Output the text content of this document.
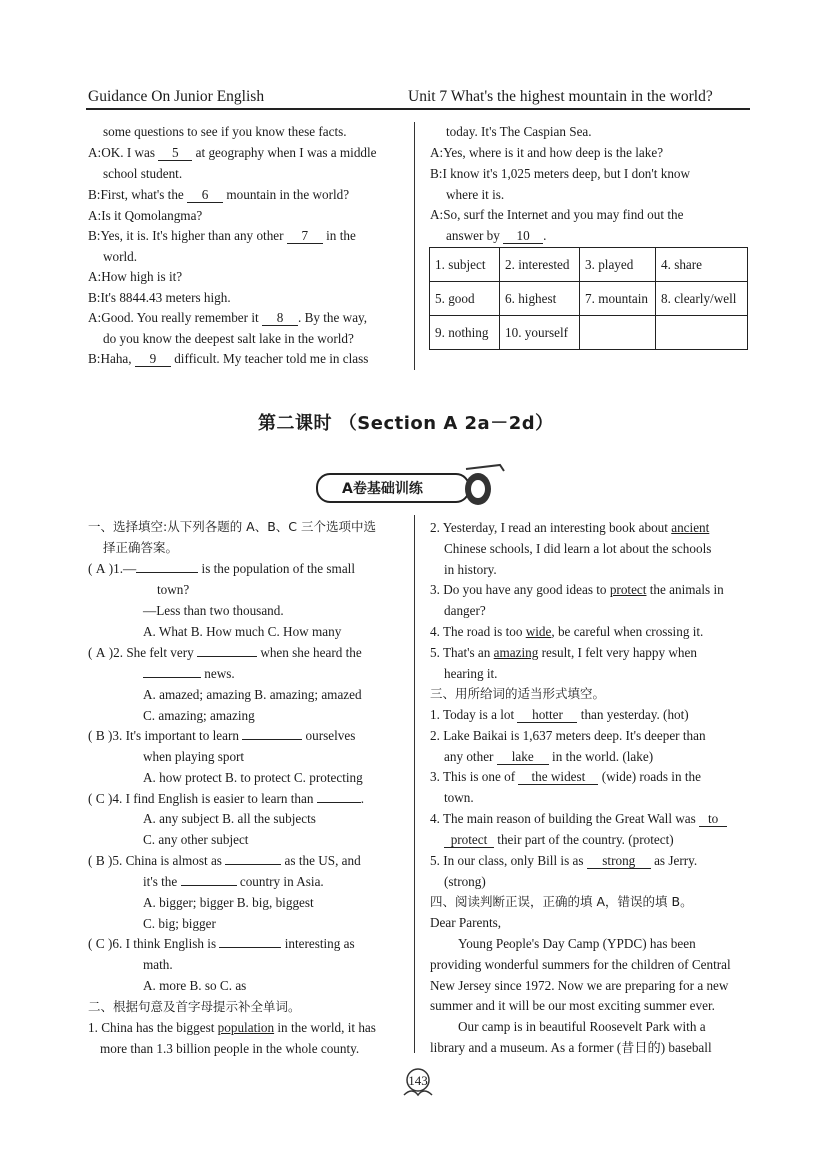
Guidance On Junior English	Unit 7 What's the highest mountain in the world?
some questions to see if you know these facts.
A:OK. I was 5 at geography when I was a middle
school student.
B:First, what's the 6 mountain in the world?
A:Is it Qomolangma?
B:Yes, it is. It's higher than any other 7 in the
world.
A:How high is it?
B:It's 8844.43 meters high.
A:Good. You really remember it 8 . By the way,
do you know the deepest salt lake in the world?
B:Haha, 9 difficult. My teacher told me in class
today. It's The Caspian Sea.
A:Yes, where is it and how deep is the lake?
B:I know it's 1,025 meters deep, but I don't know
where it is.
A:So, surf the Internet and you may find out the
answer by 10 .
1. subject	2. interested	3. played	4. share
5. good	6. highest	7. mountain	8. clearly/well
9. nothing	10. yourself		
第二课时 （Section A 2a－2d）
A卷基础训练
一、选择填空:从下列各题的 A、B、C 三个选项中选
择正确答案。
( A )1.—	is the population of the small
town?
—Less than two thousand.
A. What B. How much C. How many
( A )2. She felt very	when she heard the
news.
A. amazed; amazing B. amazing; amazed
C. amazing; amazing
( B )3. It's important to learn	ourselves
when playing sport
A. how protect B. to protect C. protecting
( C )4. I find English is easier to learn than	.
A. any subject B. all the subjects
C. any other subject
( B )5. China is almost as	as the US, and
it's the	country in Asia.
A. bigger; bigger B. big, biggest
C. big; bigger
( C )6. I think English is	interesting as
math.
A. more B. so C. as
二、根据句意及首字母提示补全单词。
1. China has the biggest population in the world, it has
more than 1.3 billion people in the whole county.
2. Yesterday, I read an interesting book about ancient
Chinese schools, I did learn a lot about the schools
in history.
3. Do you have any good ideas to protect the animals in
danger?
4. The road is too wide, be careful when crossing it.
5. That's an amazing result, I felt very happy when
hearing it.
三、用所给词的适当形式填空。
1. Today is a lot hotter than yesterday. (hot)
2. Lake Baikai is 1,637 meters deep. It's deeper than
any other lake in the world. (lake)
3. This is one of the widest (wide) roads in the
town.
4. The main reason of building the Great Wall was to
protect their part of the country. (protect)
5. In our class, only Bill is as strong as Jerry.
(strong)
四、阅读判断正误，正确的填 A，错误的填 B。
Dear Parents,
Young People's Day Camp (YPDC) has been
providing wonderful summers for the children of Central
New Jersey since 1972. Now we are preparing for a new
summer and it will be our most exciting summer ever.
Our camp is in beautiful Roosevelt Park with a
library and a museum. As a former (昔日的) baseball
143
